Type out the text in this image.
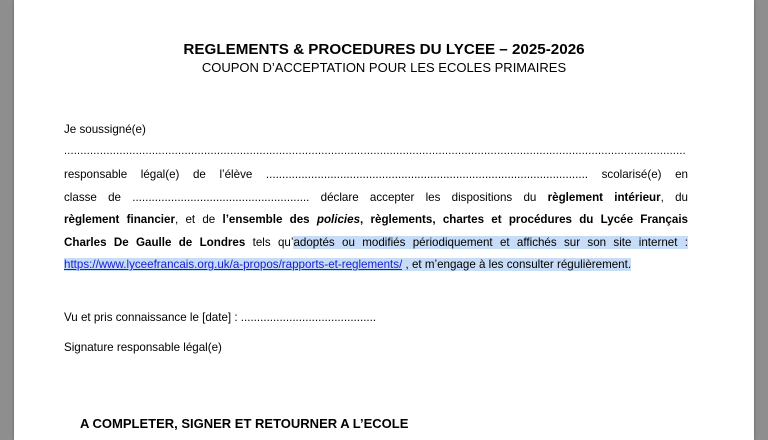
REGLEMENTS & PROCEDURES DU LYCEE – 2025-2026
COUPON D’ACCEPTATION POUR LES ECOLES PRIMAIRES
Je soussigné(e)
...............................................................................................................................................................................................
responsable légal(e) de l’élève .................................................................................................... scolarisé(e) en
classe de ....................................................... déclare accepter les dispositions du règlement intérieur, du
règlement financier, et de l’ensemble des policies, règlements, chartes et procédures du Lycée Français
Charles De Gaulle de Londres tels qu’adoptés ou modifiés périodiquement et affichés sur son site internet :
https://www.lyceefrancais.org.uk/a-propos/rapports-et-reglements/ , et m’engage à les consulter régulièrement.
Vu et pris connaissance le [date] : ..........................................
Signature responsable légal(e)
A COMPLETER, SIGNER ET RETOURNER A L’ECOLE
